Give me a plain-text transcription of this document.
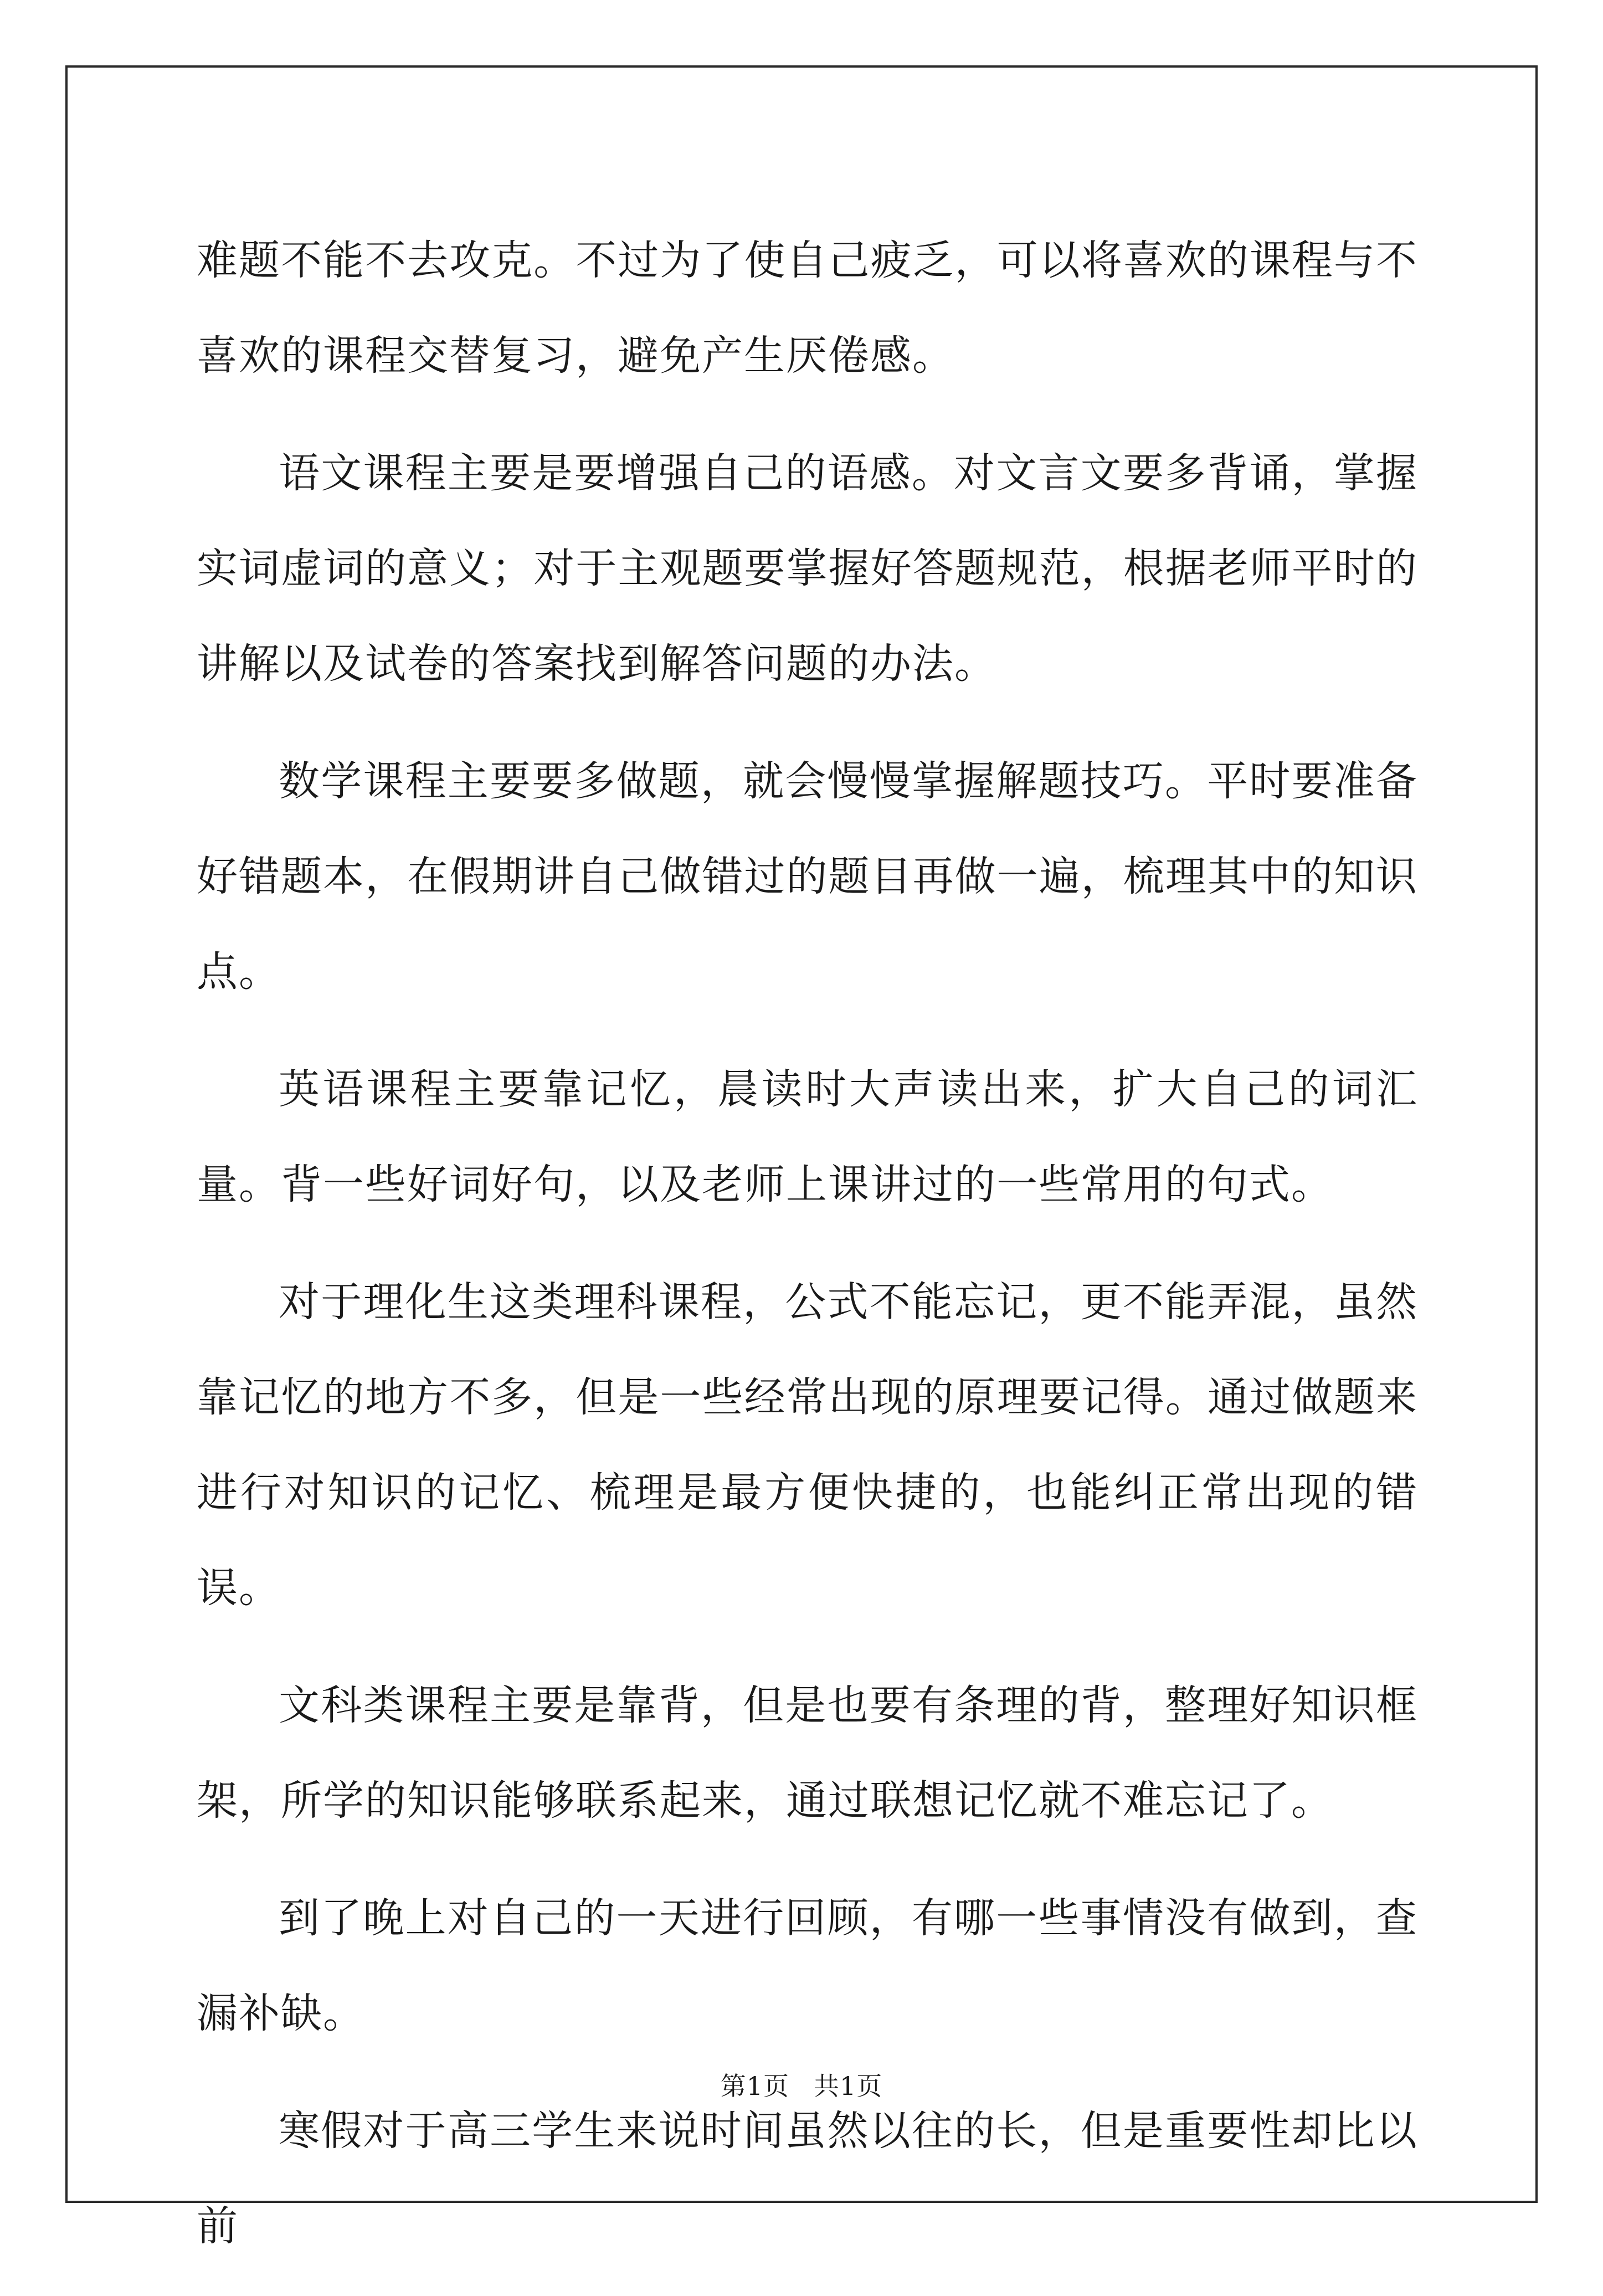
难题不能不去攻克。不过为了使自己疲乏，可以将喜欢的课程与不喜欢的课程交替复习，避免产生厌倦感。

语文课程主要是要增强自己的语感。对文言文要多背诵，掌握实词虚词的意义；对于主观题要掌握好答题规范，根据老师平时的讲解以及试卷的答案找到解答问题的办法。

数学课程主要要多做题，就会慢慢掌握解题技巧。平时要准备好错题本，在假期讲自己做错过的题目再做一遍，梳理其中的知识点。

英语课程主要靠记忆，晨读时大声读出来，扩大自己的词汇量。背一些好词好句，以及老师上课讲过的一些常用的句式。

对于理化生这类理科课程，公式不能忘记，更不能弄混，虽然靠记忆的地方不多，但是一些经常出现的原理要记得。通过做题来进行对知识的记忆、梳理是最方便快捷的，也能纠正常出现的错误。

文科类课程主要是靠背，但是也要有条理的背，整理好知识框架，所学的知识能够联系起来，通过联想记忆就不难忘记了。

到了晚上对自己的一天进行回顾，有哪一些事情没有做到，查漏补缺。

寒假对于高三学生来说时间虽然以往的长，但是重要性却比以前

第1页 共1页
